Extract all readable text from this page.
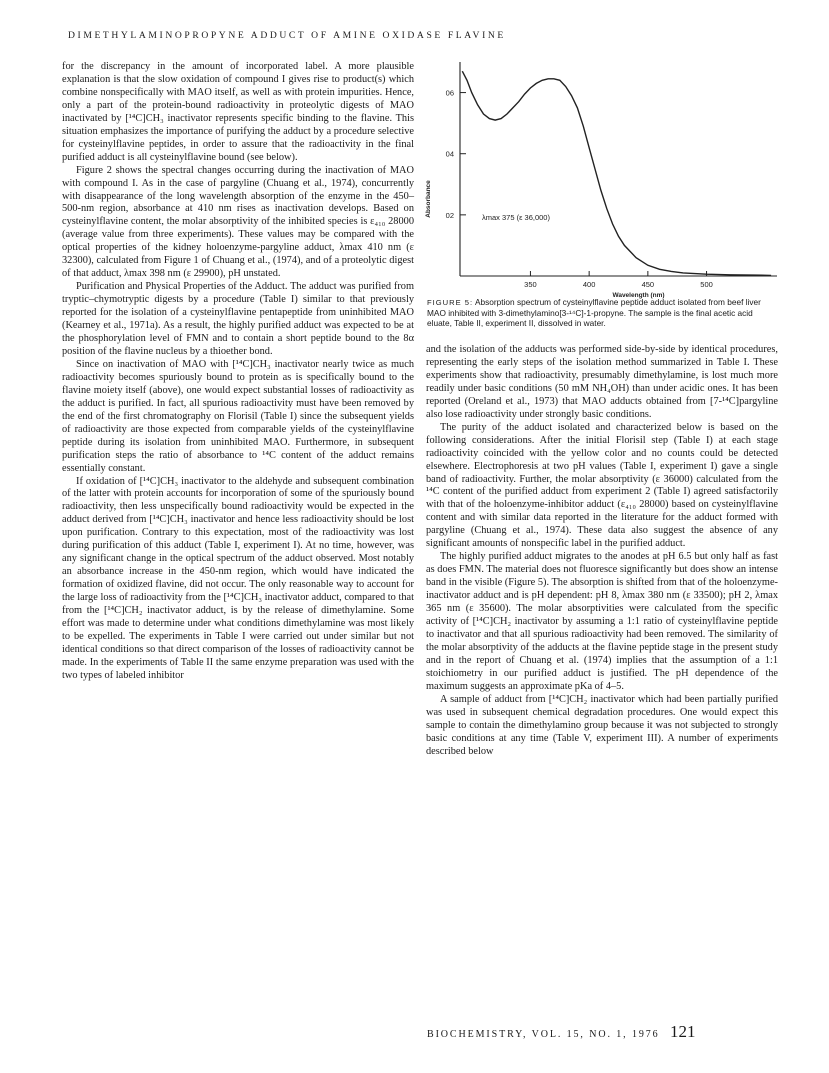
DIMETHYLAMINOPROPYNE ADDUCT OF AMINE OXIDASE FLAVINE

for the discrepancy in the amount of incorporated label. A more plausible explanation is that the slow oxidation of compound I gives rise to product(s) which combine nonspecifically with MAO itself, as well as with protein impurities. Hence, only a part of the protein-bound radioactivity in proteolytic digests of MAO inactivated by [¹⁴C]CH₃ inactivator represents specific binding to the flavine. This situation emphasizes the importance of purifying the adduct by a procedure selective for cysteinylflavine peptides, in order to assure that the radioactivity in the final purified adduct is all cysteinylflavine bound (see below).

Figure 2 shows the spectral changes occurring during the inactivation of MAO with compound I. As in the case of pargyline (Chuang et al., 1974), concurrently with disappearance of the long wavelength absorption of the enzyme in the 450–500-nm region, absorbance at 410 nm rises as inactivation develops. Based on cysteinylflavine content, the molar absorptivity of the inhibited species is ε₄₁₀ 28000 (average value from three experiments). These values may be compared with the optical properties of the kidney holoenzyme-pargyline adduct, λmax 410 nm (ε 32300), calculated from Figure 1 of Chuang et al., (1974), and of a proteolytic digest of that adduct, λmax 398 nm (ε 29900), pH unstated.

Purification and Physical Properties of the Adduct. The adduct was purified from tryptic–chymotryptic digests by a procedure (Table I) similar to that previously reported for the isolation of a cysteinylflavine pentapeptide from uninhibited MAO (Kearney et al., 1971a). As a result, the highly purified adduct was expected to be at the phosphorylation level of FMN and to contain a short peptide bound to the 8α position of the flavine nucleus by a thioether bond.

Since on inactivation of MAO with [¹⁴C]CH₃ inactivator nearly twice as much radioactivity becomes spuriously bound to protein as is specifically bound to the flavine moiety itself (above), one would expect substantial losses of radioactivity as the adduct is purified. In fact, all spurious radioactivity must have been removed by the end of the first chromatography on Florisil (Table I) since the subsequent yields of radioactivity are those expected from comparable yields of the cysteinylflavine peptide during its isolation from uninhibited MAO. Furthermore, in subsequent purification steps the ratio of absorbance to ¹⁴C content of the adduct remains essentially constant.

If oxidation of [¹⁴C]CH₃ inactivator to the aldehyde and subsequent combination of the latter with protein accounts for incorporation of some of the spuriously bound radioactivity, then less unspecifically bound radioactivity would be expected in the adduct derived from [¹⁴C]CH₃ inactivator and hence less radioactivity should be lost upon purification. Contrary to this expectation, most of the radioactivity was lost during purification of this adduct (Table I, experiment I). At no time, however, was any significant change in the optical spectrum of the adduct observed. Most notably an absorbance increase in the 450-nm region, which would have indicated the formation of oxidized flavine, did not occur. The only reasonable way to account for the large loss of radioactivity from the [¹⁴C]CH₃ inactivator adduct, compared to that from the [¹⁴C]CH₂ inactivator adduct, is by the release of dimethylamine. Some effort was made to determine under what conditions dimethylamine was most likely to be expelled. The experiments in Table I were carried out under similar but not identical conditions so that direct comparison of the losses of radioactivity cannot be made. In the experiments of Table II the same enzyme preparation was used with the two types of labeled inhibitor

350	400	450	500
02
04
06
λmax 375 (ε 36,000)
Wavelength (nm)
Absorbance
FIGURE 5: Absorption spectrum of cysteinylflavine peptide adduct isolated from beef liver MAO inhibited with 3-dimethylamino[3-¹⁴C]-1-propyne. The sample is the final acetic acid eluate, Table II, experiment II, dissolved in water.

and the isolation of the adducts was performed side-by-side by identical procedures, representing the early steps of the isolation method summarized in Table I. These experiments show that radioactivity, presumably dimethylamine, is lost much more readily under basic conditions (50 mM NH₄OH) than under acidic ones. It has been reported (Oreland et al., 1973) that MAO adducts obtained from [7-¹⁴C]pargyline also lose radioactivity under strongly basic conditions.

The purity of the adduct isolated and characterized below is based on the following considerations. After the initial Florisil step (Table I) at each stage radioactivity coincided with the yellow color and no counts could be detected elsewhere. Electrophoresis at two pH values (Table I, experiment I) gave a single band of radioactivity. Further, the molar absorptivity (ε 36000) calculated from the ¹⁴C content of the purified adduct from experiment 2 (Table I) agreed satisfactorily with that of the holoenzyme-inhibitor adduct (ε₄₁₀ 28000) based on cysteinylflavine content and with similar data reported in the literature for the adduct formed with pargyline (Chuang et al., 1974). These data also suggest the absence of any significant amounts of nonspecific label in the purified adduct.

The highly purified adduct migrates to the anodes at pH 6.5 but only half as fast as does FMN. The material does not fluoresce significantly but does show an intense band in the visible (Figure 5). The absorption is shifted from that of the holoenzyme-inactivator adduct and is pH dependent: pH 8, λmax 380 nm (ε 33500); pH 2, λmax 365 nm (ε 35600). The molar absorptivities were calculated from the specific activity of [¹⁴C]CH₂ inactivator by assuming a 1:1 ratio of cysteinylflavine peptide to inactivator and that all spurious radioactivity had been removed. The similarity of the molar absorptivity of the adducts at the flavine peptide stage in the present study and in the report of Chuang et al. (1974) implies that the assumption of a 1:1 stoichiometry in our purified adduct is justified. The pH dependence of the maximum suggests an approximate pKa of 4–5.

A sample of adduct from [¹⁴C]CH₂ inactivator which had been partially purified was used in subsequent chemical degradation procedures. One would expect this sample to contain the dimethylamino group because it was not subjected to strongly basic conditions at any time (Table V, experiment III). A number of experiments described below

BIOCHEMISTRY, VOL. 15, NO. 1, 1976 121
